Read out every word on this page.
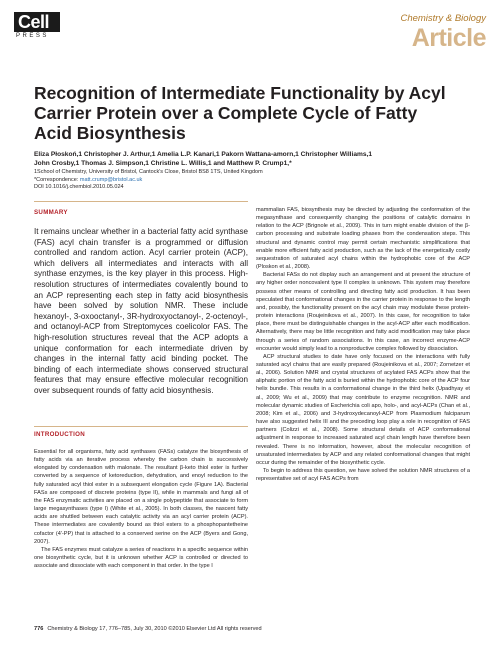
Cell
PRESS
Chemistry & Biology
Article
Recognition of Intermediate Functionality by Acyl Carrier Protein over a Complete Cycle of Fatty Acid Biosynthesis
Eliza Płoskoń,1 Christopher J. Arthur,1 Amelia L.P. Kanari,1 Pakorn Wattana-amorn,1 Christopher Williams,1
John Crosby,1 Thomas J. Simpson,1 Christine L. Willis,1 and Matthew P. Crump1,*
1School of Chemistry, University of Bristol, Cantock's Close, Bristol BS8 1TS, United Kingdom
*Correspondence: matt.crump@bristol.ac.uk
DOI 10.1016/j.chembiol.2010.05.024
SUMMARY
It remains unclear whether in a bacterial fatty acid synthase (FAS) acyl chain transfer is a programmed or diffusion controlled and random action. Acyl carrier protein (ACP), which delivers all intermediates and interacts with all synthase enzymes, is the key player in this process. High-resolution structures of intermediates covalently bound to an ACP representing each step in fatty acid biosynthesis have been solved by solution NMR. These include hexanoyl-, 3-oxooctanyl-, 3R-hydroxyoctanoyl-, 2-octenoyl-, and octanoyl-ACP from Streptomyces coelicolor FAS. The high-resolution structures reveal that the ACP adopts a unique conformation for each intermediate driven by changes in the internal fatty acid binding pocket. The binding of each intermediate shows conserved structural features that may ensure effective molecular recognition over subsequent rounds of fatty acid biosynthesis.
INTRODUCTION

Essential for all organisms, fatty acid synthases (FASs) catalyze the biosynthesis of fatty acids via an iterative process whereby the carbon chain is successively elongated by condensation with malonate. The resultant β-keto thiol ester is further converted by a sequence of ketoreduction, dehydration, and enoyl reduction to the fully saturated acyl thiol ester in a subsequent elongation cycle (Figure 1A). Bacterial FASs are composed of discrete proteins (type II), while in mammals and fungi all of the FAS enzymatic activities are placed on a single polypeptide that associate to form large megasynthases (type I) (White et al., 2005). In both classes, the nascent fatty acids are shuttled between each catalytic activity via an acyl carrier protein (ACP). These intermediates are covalently bound as thiol esters to a phosphopantetheine cofactor (4′-PP) that is attached to a conserved serine on the ACP (Byers and Gong, 2007).

The FAS enzymes must catalyze a series of reactions in a specific sequence within one biosynthetic cycle, but it is unknown whether ACP is controlled or directed to associate and dissociate with each component in that order. In the type I

mammalian FAS, biosynthesis may be directed by adjusting the conformation of the megasynthase and consequently changing the positions of catalytic domains in relation to the ACP (Brignole et al., 2009). This in turn might enable division of the β-carbon processing and substrate loading phases from the condensation steps. This structural and dynamic control may permit certain mechanistic simplifications that enable more efficient fatty acid production, such as the lack of the energetically costly sequestration of saturated acyl chains within the hydrophobic core of the ACP (Ploskon et al., 2008).

Bacterial FASs do not display such an arrangement and at present the structure of any higher order noncovalent type II complex is unknown. This system may therefore possess other means of controlling and directing fatty acid production. It has been speculated that conformational changes in the carrier protein in response to the length and, possibly, the functionality present on the acyl chain may modulate these protein-protein interactions (Roujeinikova et al., 2007). In this case, for recognition to take place, there must be distinguishable changes in the acyl-ACP after each modification. Alternatively, there may be little recognition and fatty acid modification may take place through a series of random associations. In this case, an incorrect enzyme-ACP encounter would simply lead to a nonproductive complex followed by dissociation.

ACP structural studies to date have only focused on the interactions with fully saturated acyl chains that are easily prepared (Roujeinikova et al., 2007; Zornetzer et al., 2006). Solution NMR and crystal structures of acylated FAS ACPs show that the aliphatic portion of the fatty acid is buried within the hydrophobic core of the ACP four helix bundle. This results in a conformational change in the third helix (Upadhyay et al., 2009; Wu et al., 2009) that may contribute to enzyme recognition. NMR and molecular dynamic studies of Escherichia coli apo, holo-, and acyl-ACPs (Chan et al., 2008; Kim et al., 2006) and 3-hydroxydecanoyl-ACP from Plasmodium falciparum have also suggested helix III and the preceding loop play a role in recognition of FAS partners (Colizzi et al., 2008). Some structural details of ACP conformational adjustment in response to increased saturated acyl chain length have therefore been revealed. There is no information, however, about the molecular recognition of unsaturated intermediates by ACP and any related conformational changes that might occur during the remainder of the biosynthetic cycle.

To begin to address this question, we have solved the solution NMR structures of a representative set of acyl FAS ACPs from

776 Chemistry & Biology 17, 776–785, July 30, 2010 ©2010 Elsevier Ltd All rights reserved
